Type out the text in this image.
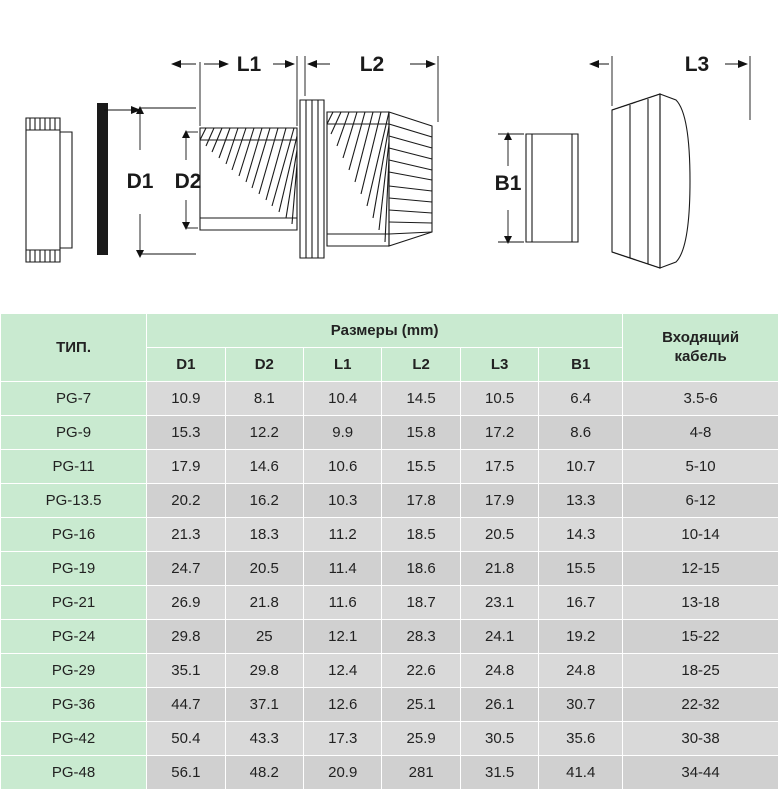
L1	L2	L3
D1 D2	B1
ТИП.	Размеры (mm)						Входящий
кабель
	D1	D2	L1	L2	L3	B1	
PG-7	10.9	8.1	10.4	14.5	10.5	6.4	3.5-6
PG-9	15.3	12.2	9.9	15.8	17.2	8.6	4-8
PG-11	17.9	14.6	10.6	15.5	17.5	10.7	5-10
PG-13.5	20.2	16.2	10.3	17.8	17.9	13.3	6-12
PG-16	21.3	18.3	11.2	18.5	20.5	14.3	10-14
PG-19	24.7	20.5	11.4	18.6	21.8	15.5	12-15
PG-21	26.9	21.8	11.6	18.7	23.1	16.7	13-18
PG-24	29.8	25	12.1	28.3	24.1	19.2	15-22
PG-29	35.1	29.8	12.4	22.6	24.8	24.8	18-25
PG-36	44.7	37.1	12.6	25.1	26.1	30.7	22-32
PG-42	50.4	43.3	17.3	25.9	30.5	35.6	30-38
PG-48	56.1	48.2	20.9	281	31.5	41.4	34-44
